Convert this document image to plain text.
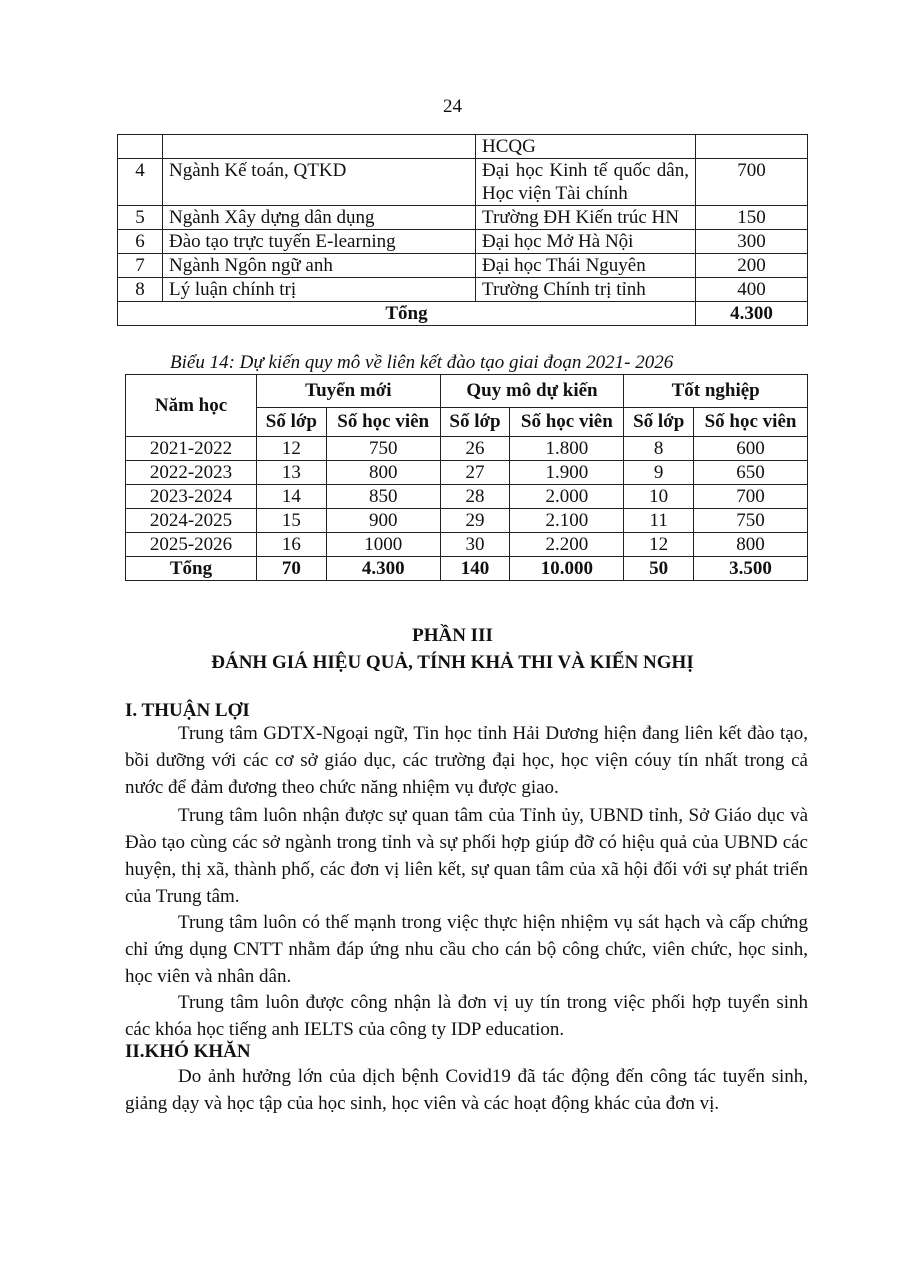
24
		HCQG	
4	Ngành Kế toán, QTKD	Đại học Kinh tế quốc dân, Học viện Tài chính	700
5	Ngành Xây dựng dân dụng	Trường ĐH Kiến trúc HN	150
6	Đào tạo trực tuyến E-learning	Đại học Mở Hà Nội	300
7	Ngành Ngôn ngữ anh	Đại học Thái Nguyên	200
8	Lý luận chính trị	Trường Chính trị tỉnh	400
Tổng			4.300
Biểu 14: Dự kiến quy mô về liên kết đào tạo giai đoạn 2021- 2026
Năm học	Tuyển mới		Quy mô dự kiến		Tốt nghiệp	
	Số lớp	Số học viên	Số lớp	Số học viên	Số lớp	Số học viên
2021-2022	12	750	26	1.800	8	600
2022-2023	13	800	27	1.900	9	650
2023-2024	14	850	28	2.000	10	700
2024-2025	15	900	29	2.100	11	750
2025-2026	16	1000	30	2.200	12	800
Tổng	70	4.300	140	10.000	50	3.500
PHẦN III
ĐÁNH GIÁ HIỆU QUẢ, TÍNH KHẢ THI VÀ KIẾN NGHỊ
I. THUẬN LỢI

Trung tâm GDTX-Ngoại ngữ, Tin học tỉnh Hải Dương hiện đang liên kết đào tạo, bồi dưỡng với các cơ sở giáo dục, các trường đại học, học viện cóuy tín nhất trong cả nước để đảm đương theo chức năng nhiệm vụ được giao.

Trung tâm luôn nhận được sự quan tâm của Tỉnh ủy, UBND tỉnh, Sở Giáo dục và Đào tạo cùng các sở ngành trong tỉnh và sự phối hợp giúp đỡ có hiệu quả của UBND các huyện, thị xã, thành phố, các đơn vị liên kết, sự quan tâm của xã hội đối với sự phát triển của Trung tâm.

Trung tâm luôn có thế mạnh trong việc thực hiện nhiệm vụ sát hạch và cấp chứng chỉ ứng dụng CNTT nhằm đáp ứng nhu cầu cho cán bộ công chức, viên chức, học sinh, học viên và nhân dân.

Trung tâm luôn được công nhận là đơn vị uy tín trong việc phối hợp tuyển sinh các khóa học tiếng anh IELTS của công ty IDP education.

II.KHÓ KHĂN

Do ảnh hưởng lớn của dịch bệnh Covid19 đã tác động đến công tác tuyển sinh, giảng dạy và học tập của học sinh, học viên và các hoạt động khác của đơn vị.
